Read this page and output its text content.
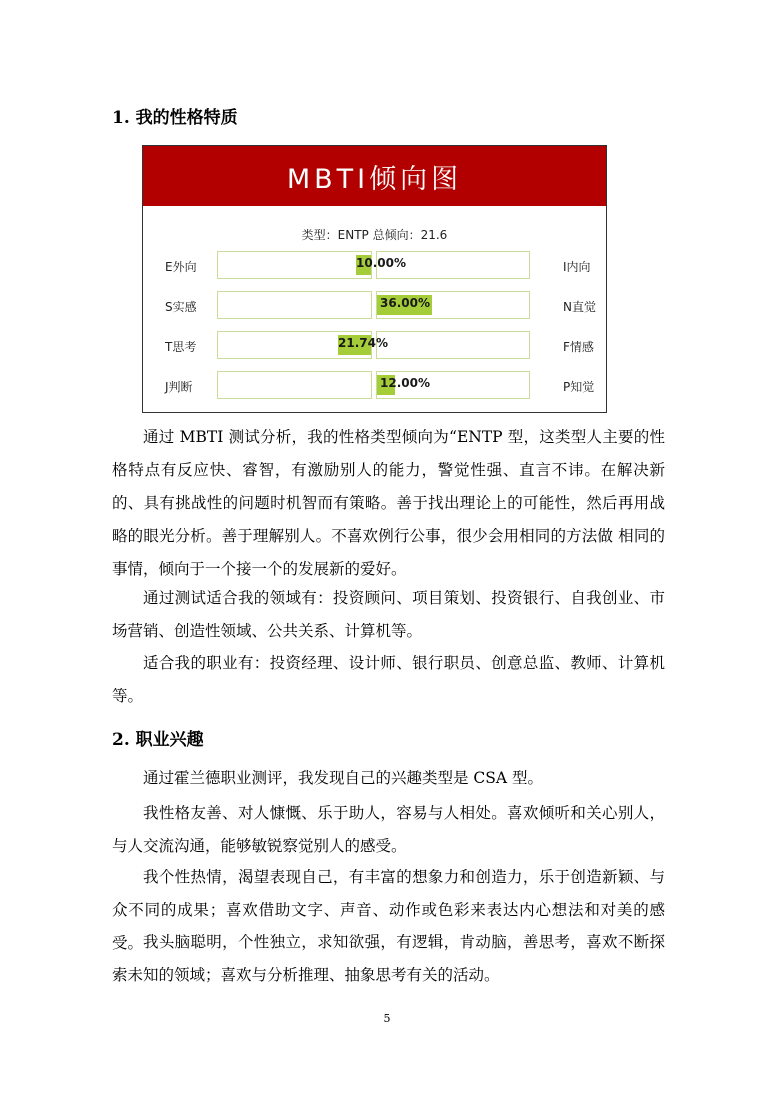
1. 我的性格特质
MBTI倾向图
类型：ENTP 总倾向：21.6
E外向	I内向
10.00%
S实感	N直觉
36.00%
T思考	F情感
21.74%
J判断	P知觉
12.00%

通过 MBTI 测试分析，我的性格类型倾向为“ENTP 型，这类型人主要的性格特点有反应快、睿智，有激励别人的能力，警觉性强、直言不讳。在解决新的、具有挑战性的问题时机智而有策略。善于找出理论上的可能性，然后再用战略的眼光分析。善于理解别人。不喜欢例行公事，很少会用相同的方法做 相同的事情，倾向于一个接一个的发展新的爱好。

通过测试适合我的领域有：投资顾问、项目策划、投资银行、自我创业、市场营销、创造性领域、公共关系、计算机等。

适合我的职业有：投资经理、设计师、银行职员、创意总监、教师、计算机等。

2. 职业兴趣

通过霍兰德职业测评，我发现自己的兴趣类型是 CSA 型。

我性格友善、对人慷慨、乐于助人，容易与人相处。喜欢倾听和关心别人，与人交流沟通，能够敏锐察觉别人的感受。

我个性热情，渴望表现自己，有丰富的想象力和创造力，乐于创造新颖、与众不同的成果；喜欢借助文字、声音、动作或色彩来表达内心想法和对美的感受。 我头脑聪明，个性独立，求知欲强，有逻辑，肯动脑，善思考，喜欢不断探索未知的领域；喜欢与分析推理、抽象思考有关的活动。

5
